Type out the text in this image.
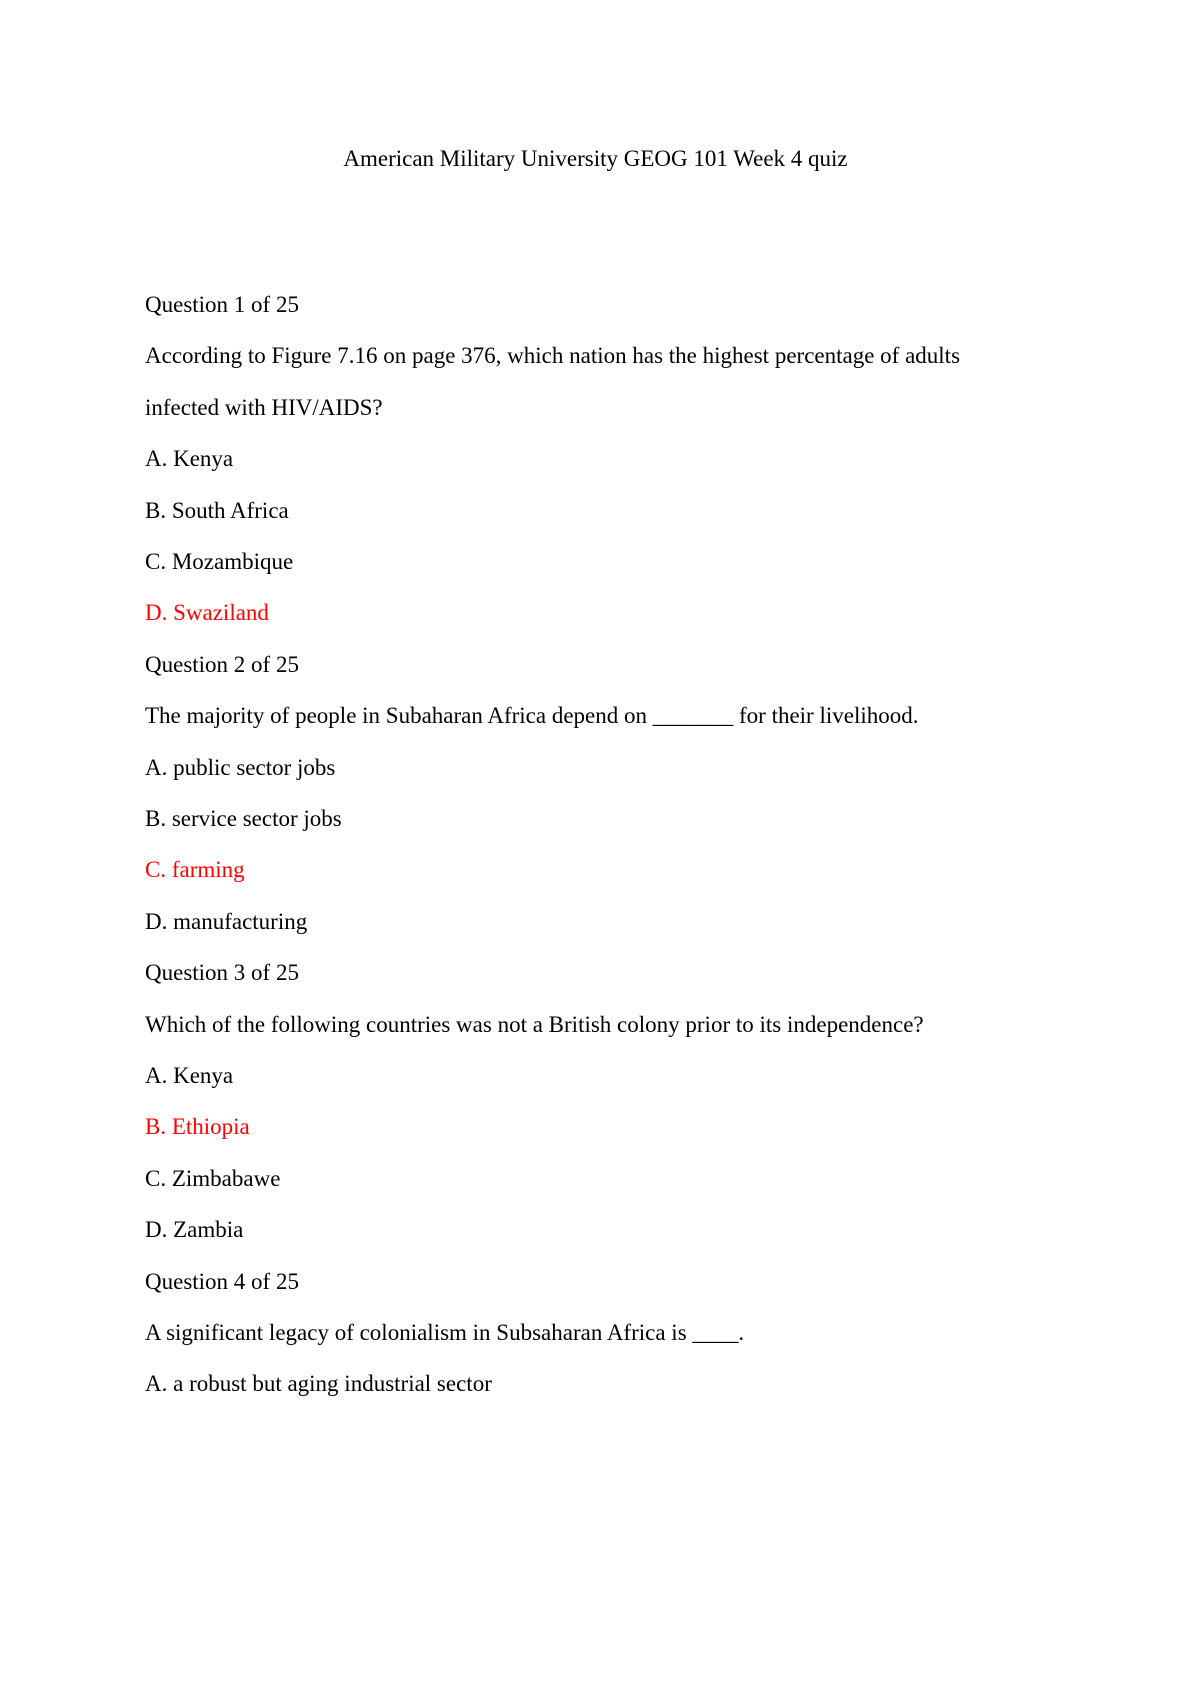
American Military University GEOG 101 Week 4 quiz

Question 1 of 25

According to Figure 7.16 on page 376, which nation has the highest percentage of adults

infected with HIV/AIDS?

A. Kenya

B. South Africa

C. Mozambique

D. Swaziland

Question 2 of 25

The majority of people in Subaharan Africa depend on _______ for their livelihood.

A. public sector jobs

B. service sector jobs

C. farming

D. manufacturing

Question 3 of 25

Which of the following countries was not a British colony prior to its independence?

A. Kenya

B. Ethiopia

C. Zimbabawe

D. Zambia

Question 4 of 25

A significant legacy of colonialism in Subsaharan Africa is ____.

A. a robust but aging industrial sector
